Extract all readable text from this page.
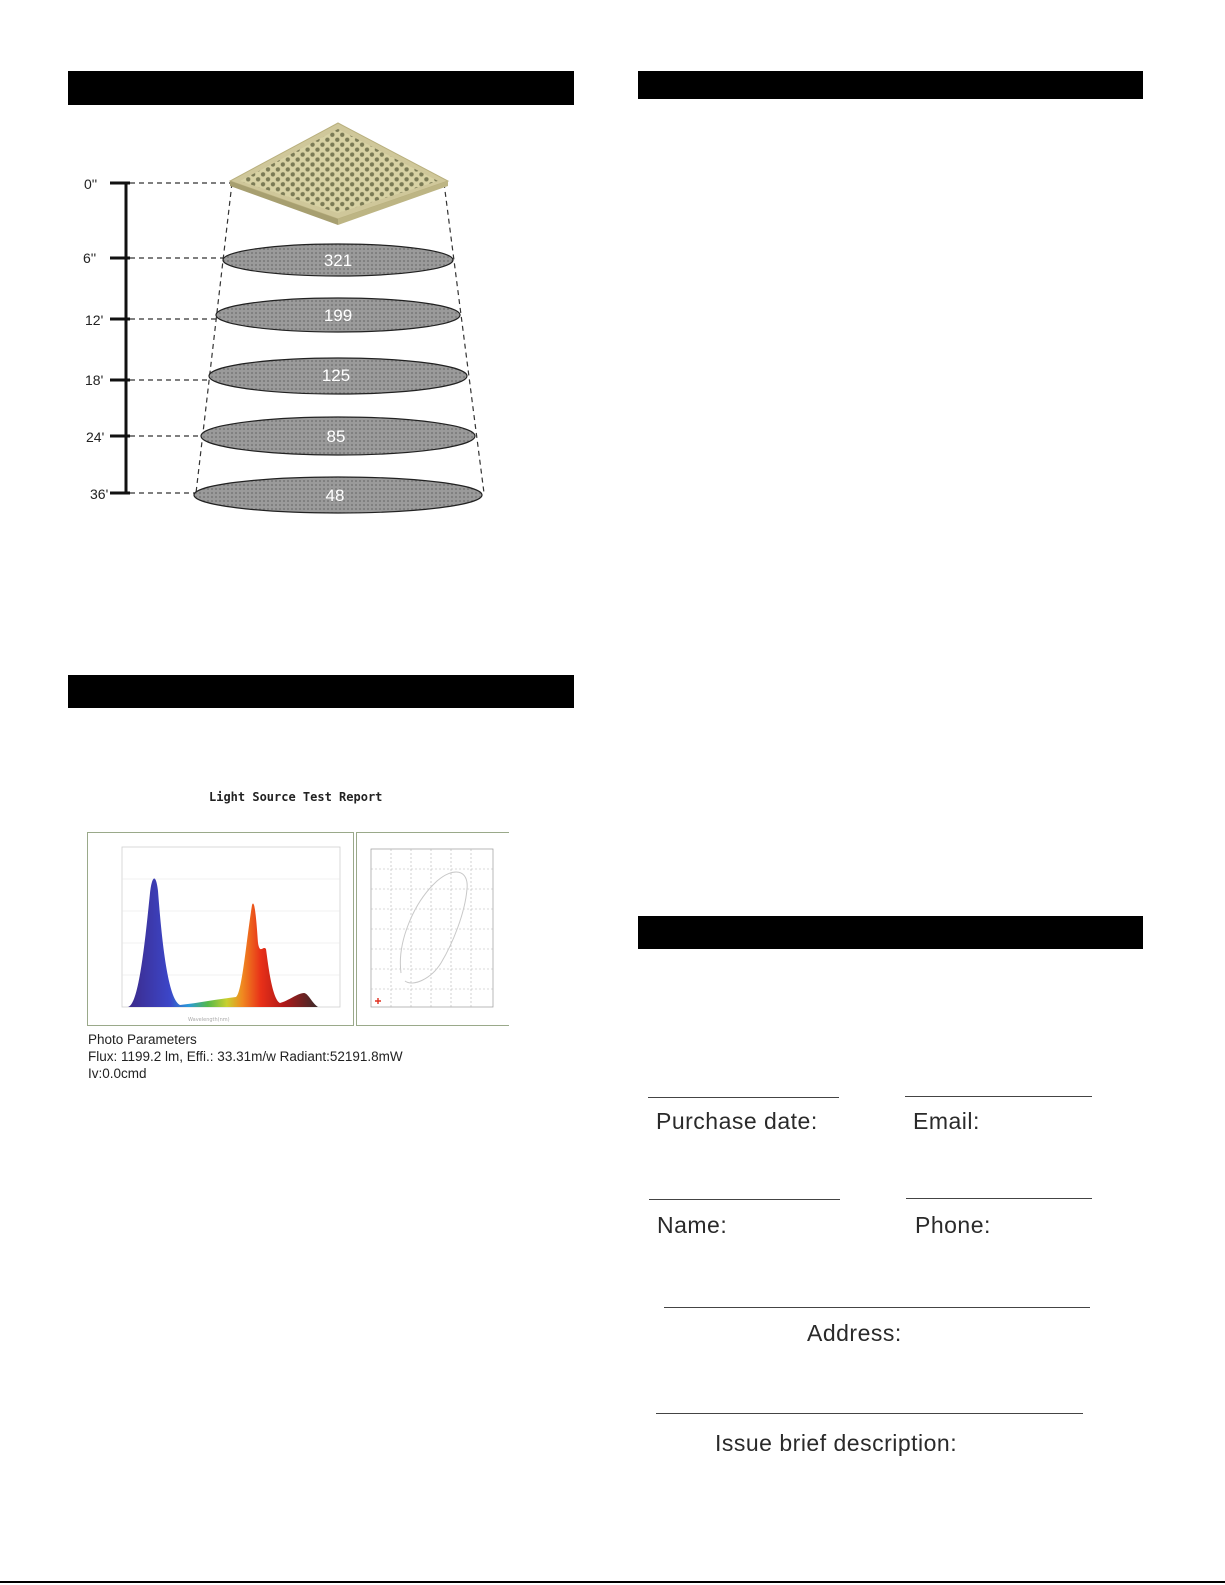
321
199
125
85
48
0''
6''
12'
18'
24'
36'
Light Source Test Report
Wavelength(nm)
Photo Parameters
Flux: 1199.2 lm, Effi.: 33.31m/w Radiant:52191.8mW
Iv:0.0cmd
Purchase date:	Email:
Name:	Phone:
Address:
Issue brief description:
